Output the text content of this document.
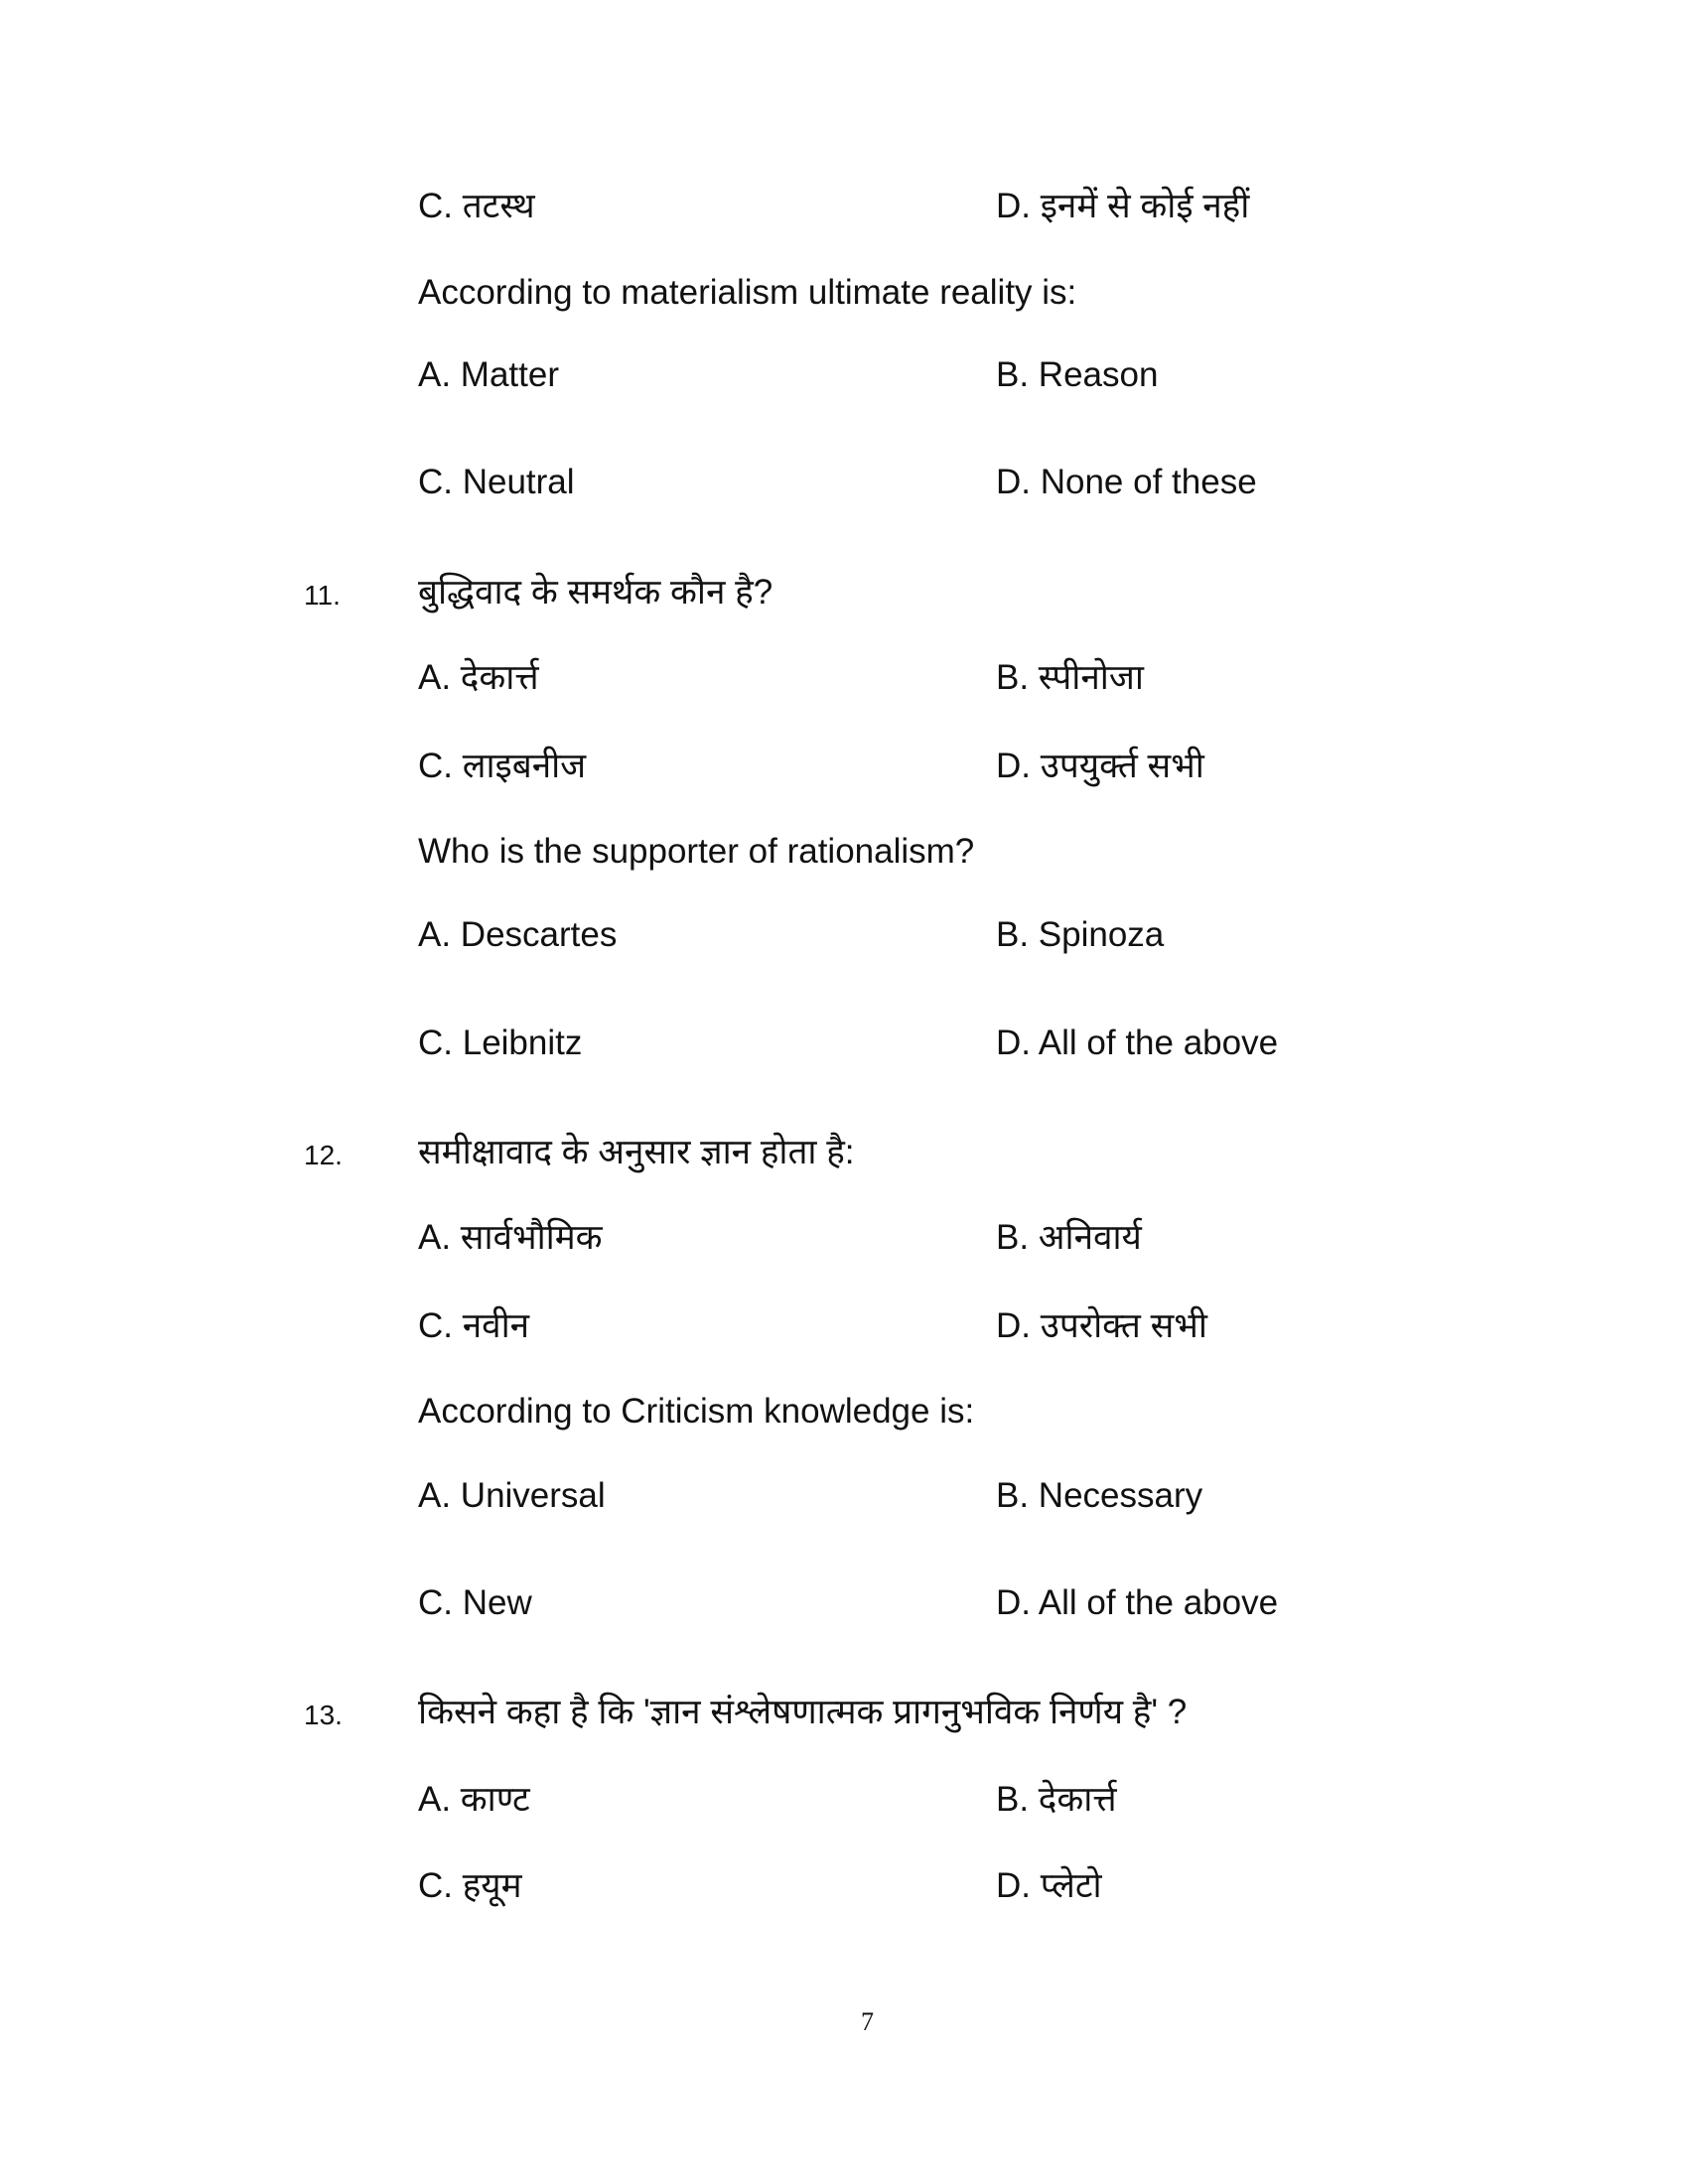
C. तटस्थ	D. इनमें से कोई नहीं
According to materialism ultimate reality is:
A. Matter	B. Reason
C. Neutral	D. None of these
11. बुद्धिवाद के समर्थक कौन है?
A. देकार्त्त	B. स्पीनोजा
C. लाइबनीज	D. उपयुर्क्त सभी
Who is the supporter of rationalism?
A. Descartes	B. Spinoza
C. Leibnitz	D. All of the above
12. समीक्षावाद के अनुसार ज्ञान होता है:
A. सार्वभौमिक	B. अनिवार्य
C. नवीन	D. उपरोक्त सभी
According to Criticism knowledge is:
A. Universal	B. Necessary
C. New	D. All of the above
13. किसने कहा है कि 'ज्ञान संश्लेषणात्मक प्रागनुभविक निर्णय है' ?
A. काण्ट	B. देकार्त्त
C. हयूम	D. प्लेटो
7
